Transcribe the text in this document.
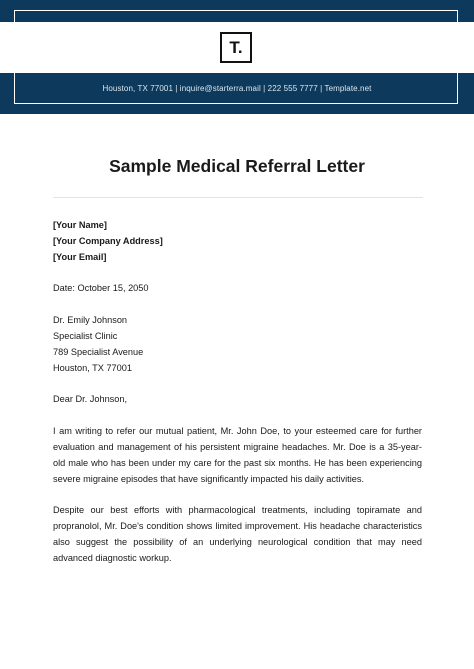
T.
Houston, TX 77001 | inquire@starterra.mail | 222 555 7777 | Template.net
Sample Medical Referral Letter

[Your Name]

[Your Company Address]

[Your Email]

Date: October 15, 2050

Dr. Emily Johnson

Specialist Clinic

789 Specialist Avenue

Houston, TX 77001

Dear Dr. Johnson,

I am writing to refer our mutual patient, Mr. John Doe, to your esteemed care for further evaluation and management of his persistent migraine headaches. Mr. Doe is a 35-year-old male who has been under my care for the past six months. He has been experiencing severe migraine episodes that have significantly impacted his daily activities.

Despite our best efforts with pharmacological treatments, including topiramate and propranolol, Mr. Doe's condition shows limited improvement. His headache characteristics also suggest the possibility of an underlying neurological condition that may need advanced diagnostic workup.
